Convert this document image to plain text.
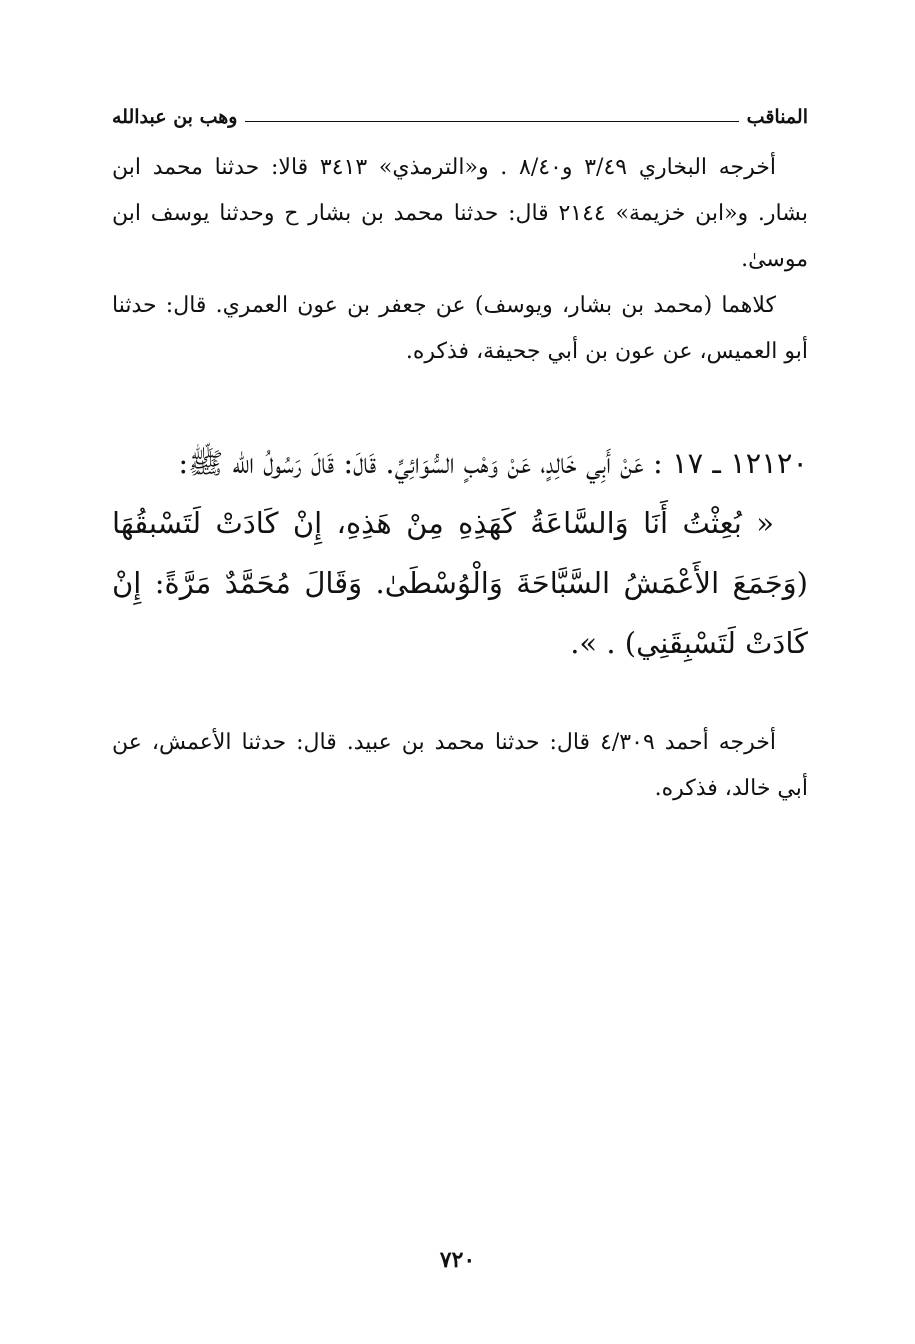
المناقب
وهب بن عبدالله

أخرجه البخاري ٣/٤٩ و٨/٤٠ . و«الترمذي» ٣٤١٣ قالا: حدثنا محمد ابن بشار. و«ابن خزيمة» ٢١٤٤ قال: حدثنا محمد بن بشار ح وحدثنا يوسف ابن موسىٰ.

كلاهما (محمد بن بشار، ويوسف) عن جعفر بن عون العمري. قال: حدثنا أبو العميس، عن عون بن أبي جحيفة، فذكره.

١٢١٢٠ ـ ١٧ : عَنْ أَبِي خَالِدٍ، عَنْ وَهْبٍ السُّوَائِيِّ. قَالَ: قَالَ رَسُولُ الله ﷺ:

« بُعِثْتُ أَنَا وَالسَّاعَةُ كَهَذِهِ مِنْ هَذِهِ، إِنْ كَادَتْ لَتَسْبقُهَا (وَجَمَعَ الأَعْمَشُ السَّبَّاحَةَ وَالْوُسْطَىٰ. وَقَالَ مُحَمَّدٌ مَرَّةً: إِنْ كَادَتْ لَتَسْبِقَنِي) . ».

أخرجه أحمد ٤/٣٠٩ قال: حدثنا محمد بن عبيد. قال: حدثنا الأعمش، عن أبي خالد، فذكره.

٧٢٠
